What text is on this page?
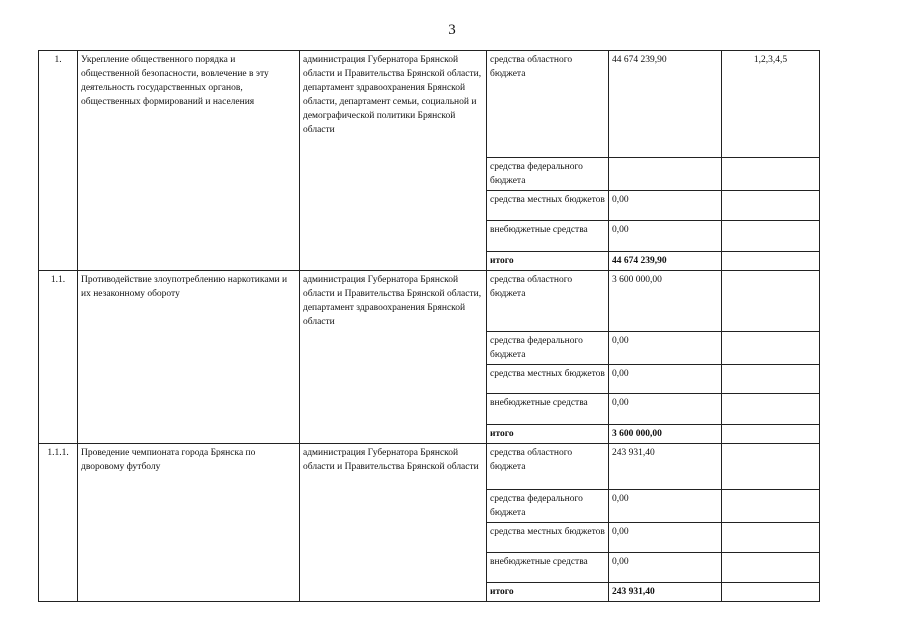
3
1.	Укрепление общественного порядка и общественной безопасности, вовлечение в эту деятельность государственных органов, общественных формирований и населения	администрация Губернатора Брянской области и Правительства Брянской области, департамент здравоохранения Брянской области, департамент семьи, социальной и демографической политики Брянской области	средства областного бюджета	44 674 239,90	1,2,3,4,5
			средства федерального бюджета		
			средства местных бюджетов	0,00	
			внебюджетные средства	0,00	
			итого	44 674 239,90	
1.1.	Противодействие злоупотреблению наркотиками и их незаконному обороту	администрация Губернатора Брянской области и Правительства Брянской области, департамент здравоохранения Брянской области	средства областного бюджета	3 600 000,00	
			средства федерального бюджета	0,00	
			средства местных бюджетов	0,00	
			внебюджетные средства	0,00	
			итого	3 600 000,00	
1.1.1.	Проведение чемпионата города Брянска по дворовому футболу	администрация Губернатора Брянской области и Правительства Брянской области	средства областного бюджета	243 931,40	
			средства федерального бюджета	0,00	
			средства местных бюджетов	0,00	
			внебюджетные средства	0,00	
			итого	243 931,40	
